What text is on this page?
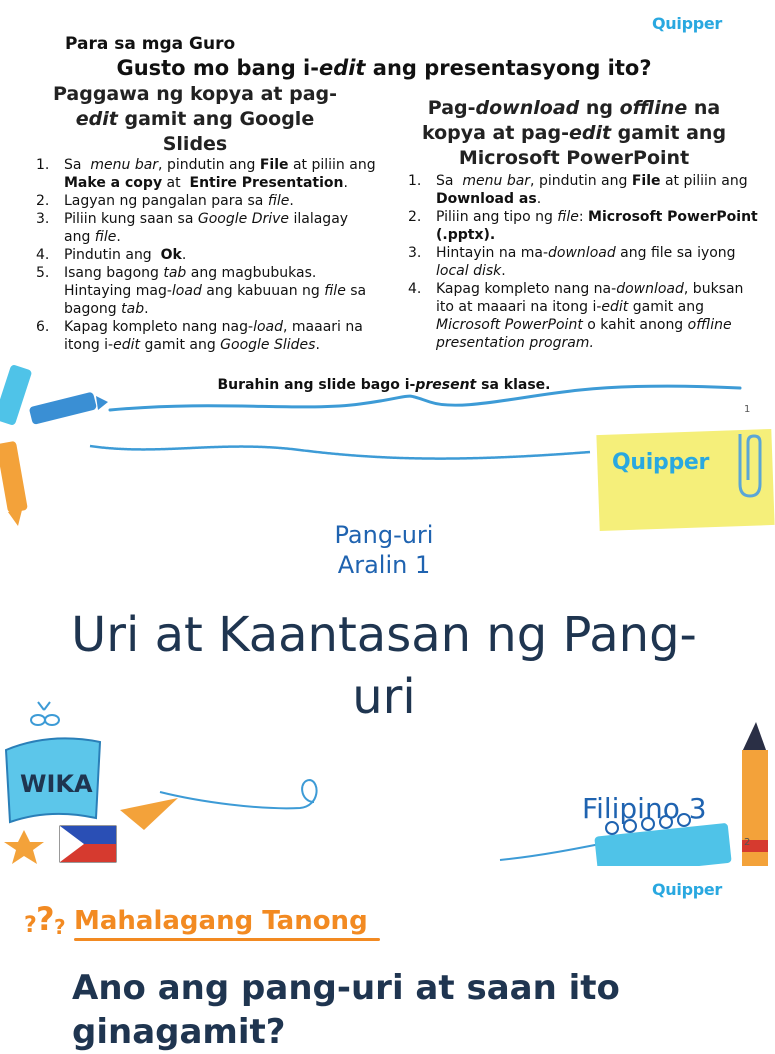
Quipper
Para sa mga Guro
Gusto mo bang i-edit ang presentasyong ito?
Paggawa ng kopya at pag-
edit gamit ang Google
Slides
1. Sa  menu bar, pindutin ang File at piliin ang Make a copy at  Entire Presentation.
2. Lagyan ng pangalan para sa file.
3. Piliin kung saan sa Google Drive ilalagay ang file.
4. Pindutin ang  Ok.
5. Isang bagong tab ang magbubukas. Hintaying mag-load ang kabuuan ng file sa bagong tab.
6. Kapag kompleto nang nag-load, maaari na itong i-edit gamit ang Google Slides.
Pag-download ng offline na
kopya at pag-edit gamit ang
Microsoft PowerPoint
1. Sa  menu bar, pindutin ang File at piliin ang Download as.
2. Piliin ang tipo ng file: Microsoft PowerPoint (.pptx).
3. Hintayin na ma-download ang file sa iyong local disk.
4. Kapag kompleto nang na-download, buksan ito at maaari na itong i-edit gamit ang Microsoft PowerPoint o kahit anong offline presentation program.
Burahin ang slide bago i-present sa klase.
1
Quipper
Pang-uri
Aralin 1
Uri at Kaantasan ng Pang-
uri
WIKA
Filipino 3
2
Quipper
? ? ? Mahalagang Tanong
Ano ang pang-uri at saan ito
ginagamit?
